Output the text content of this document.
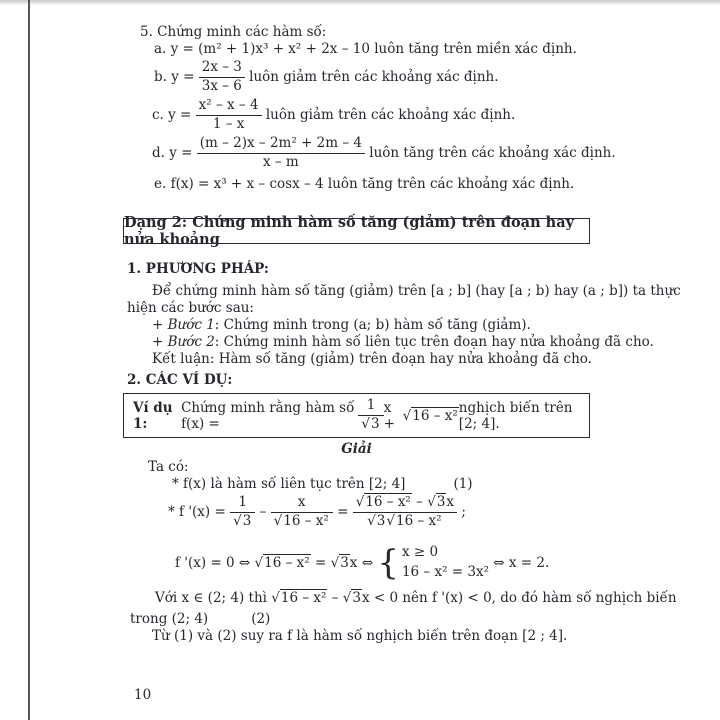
5. Chứng minh các hàm số:
a. y = (m² + 1)x³ + x² + 2x – 10 luôn tăng trên miền xác định.
b. $y = \frac{2x - 3}{3x - 6}$ luôn giảm trên các khoảng xác định.
c. $y = \frac{\text{x² – x – 4}}{1 - x}$ luôn giảm trên các khoảng xác định.
d. $y = \frac{\text{(m – 2)x – 2m² + 2m – 4}}{x - m}$ luôn tăng trên các khoảng xác định.
e. f(x) = x³ + x – cosx – 4 luôn tăng trên các khoảng xác định.
Dạng 2: Chứng minh hàm số tăng (giảm) trên đoạn hay nửa khoảng
1. PHƯƠNG PHÁP:
Để chứng minh hàm số tăng (giảm) trên [a ; b] (hay [a ; b) hay (a ; b]) ta thực
hiện các bước sau:
+ Bước 1 : Chứng minh trong (a; b) hàm số tăng (giảm).
+ Bước 2 : Chứng minh hàm số liên tục trên đoạn hay nửa khoảng đã cho.
Kết luận: Hàm số tăng (giảm) trên đoạn hay nửa khoảng đã cho.
2. CÁC VÍ DỤ:
Ví dụ 1:
Chứng minh rằng hàm số f(x) =	1
√ 3 x +	√ 16 – x² nghịch biến trên [2; 4].
Giải
Ta có:
* f(x) là hàm số liên tục trên [2; 4]	(1)
* f '(x) = 1
√ 3 – x
√ 16 – x² = √ 16 – x² – √ 3x
√ 3 √ 16 – x² ;
f '(x) = 0 ⇔ √ 16 – x² = √ 3 x ⇔ { x ≥ 0
16 – x² = 3x²
⇔ x = 2.
Với x ∈ (2; 4) thì √ 16 – x² – √ 3 x < 0 nên f '(x) < 0, do đó hàm số nghịch biến
trong (2; 4)	(2)
Từ (1) và (2) suy ra f là hàm số nghịch biến trên đoạn [2 ; 4].
10
